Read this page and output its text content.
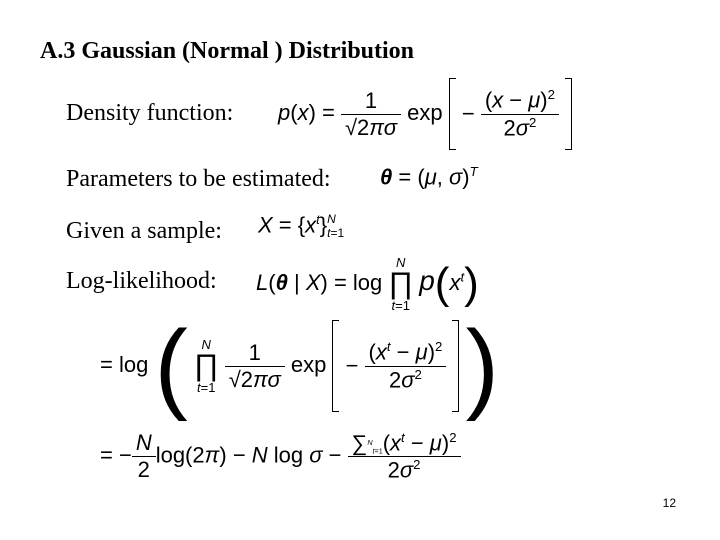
A.3 Gaussian (Normal ) Distribution
Density function: $p(x) = \frac{1}{√2\pi\sigma}$ $\exp - \frac{(x - \mu)^2}{2\sigma^2}$

Parameters to be estimated: θ = (μ, σ)$^T$
Given a sample: $X = \{x^t\}N$
t=1
Log-likelihood: L(θ | X) = log
N
∏
t=1
$p(x^t)$
= log (	N
∏
t=1
$\frac{1}{√2\pi\sigma}$ $\exp - \frac{(x^t - \mu)^2}{2\sigma^2}$ )
= − $\frac{N}{2} \log(2\pi) - N$ $\log \sigma - \frac{\sum^N_{t=1}(x^t - \mu)^2}{2\sigma^2}$
12
